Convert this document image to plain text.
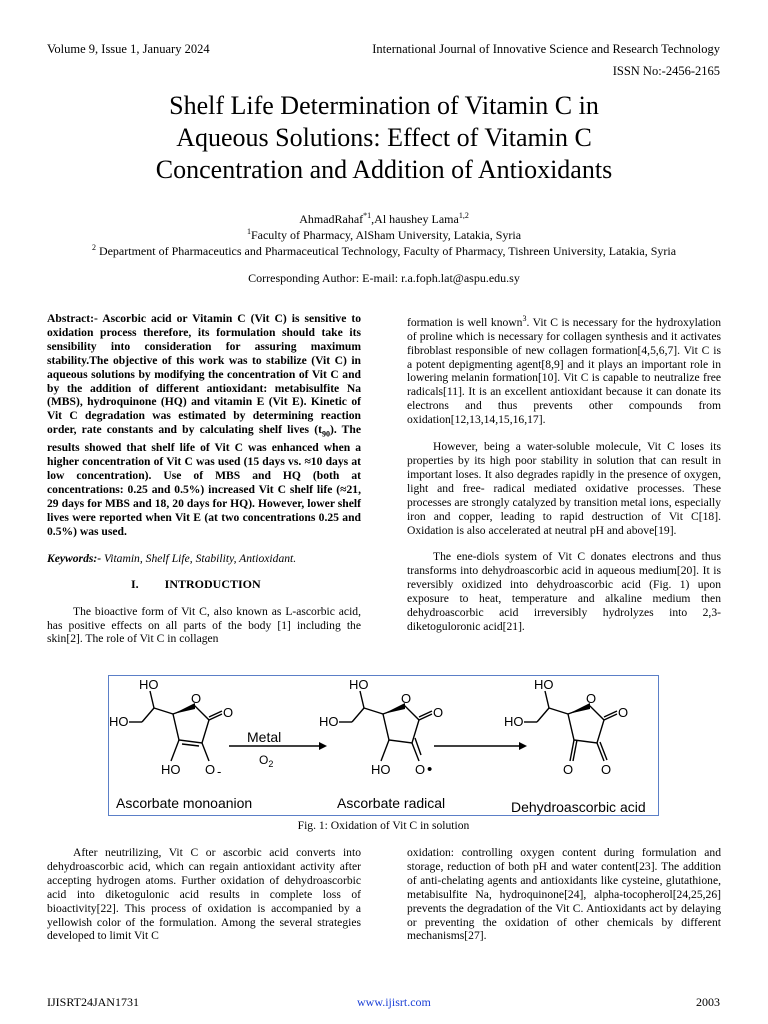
Volume 9, Issue 1, January 2024	International Journal of Innovative Science and Research Technology
ISSN No:-2456-2165
Shelf Life Determination of Vitamin C in
Aqueous Solutions: Effect of Vitamin C
Concentration and Addition of Antioxidants
AhmadRahaf$^{*1}$,Al haushey Lama$^{1,2}$
$^1$Faculty of Pharmacy, AlSham University, Latakia, Syria
$^2$ Department of Pharmaceutics and Pharmaceutical Technology, Faculty of Pharmacy, Tishreen University, Latakia, Syria
Corresponding Author: E-mail: r.a.foph.lat@aspu.edu.sy

Abstract:- Ascorbic acid or Vitamin C (Vit C) is sensitive to oxidation process therefore, its formulation should take its sensibility into consideration for assuring maximum stability.The objective of this work was to stabilize (Vit C) in aqueous solutions by modifying the concentration of Vit C and by the addition of different antioxidant: metabisulfite Na (MBS), hydroquinone (HQ) and vitamin E (Vit E). Kinetic of Vit C degradation was estimated by determining reaction order, rate constants and by calculating shelf lives $(t_{90})$. The results showed that shelf life of Vit C was enhanced when a higher concentration of Vit C was used (15 days vs. ≈10 days at low concentration). Use of MBS and HQ (both at concentrations: 0.25 and 0.5%) increased Vit C shelf life (≈21, 29 days for MBS and 18, 20 days for HQ). However, lower shelf lives were reported when Vit E (at two concentrations 0.25 and 0.5%) was used.

Keywords:- Vitamin, Shelf Life, Stability, Antioxidant.

I. INTRODUCTION

The bioactive form of Vit C, also known as L-ascorbic acid, has positive effects on all parts of the body [1] including the skin[2]. The role of Vit C in collagen

formation is well known$^3$. Vit C is necessary for the hydroxylation of proline which is necessary for collagen synthesis and it activates fibroblast responsible of new collagen formation[4,5,6,7]. Vit C is a potent depigmenting agent[8,9] and it plays an important role in lowering melanin formation[10]. Vit C is capable to neutralize free radicals[11]. It is an excellent antioxidant because it can donate its electrons and thus prevents other compounds from oxidation[12,13,14,15,16,17].

However, being a water-soluble molecule, Vit C loses its properties by its high poor stability in solution that can result in important loses. It also degrades rapidly in the presence of oxygen, light and free- radical mediated oxidative processes. These processes are strongly catalyzed by transition metal ions, especially iron and copper, leading to rapid destruction of Vit C[18]. Oxidation is also accelerated at neutral pH and above[19].

The ene-diols system of Vit C donates electrons and thus transforms into dehydroascorbic acid in aqueous medium[20]. It is reversibly oxidized into dehydroascorbic acid (Fig. 1) upon exposure to heat, temperature and alkaline medium then dehydroascorbic acid irreversibly hydrolyzes into 2,3-diketoguloronic acid[21].

HO
HO
O
O
HO O -
HO
HO
O
O
HO O •
HO
HO
O
O
O O
Metal
$O_2$
Ascorbate monoanion	Ascorbate radical	Dehydroascorbic acid
Fig. 1: Oxidation of Vit C in solution

After neutrilizing, Vit C or ascorbic acid converts into dehydroascorbic acid, which can regain antioxidant activity after accepting hydrogen atoms. Further oxidation of dehydroascorbic acid into diketogulonic acid results in complete loss of bioactivity[22]. This process of oxidation is accompanied by a yellowish color of the formulation. Among the several strategies developed to limit Vit C

oxidation: controlling oxygen content during formulation and storage, reduction of both pH and water content[23]. The addition of anti-chelating agents and antioxidants like cysteine, glutathione, metabisulfite Na, hydroquinone[24], alpha-tocopherol[24,25,26] prevents the degradation of the Vit C. Antioxidants act by delaying or preventing the oxidation of other chemicals by different mechanisms[27].

IJISRT24JAN1731	www.ijisrt.com	2003
